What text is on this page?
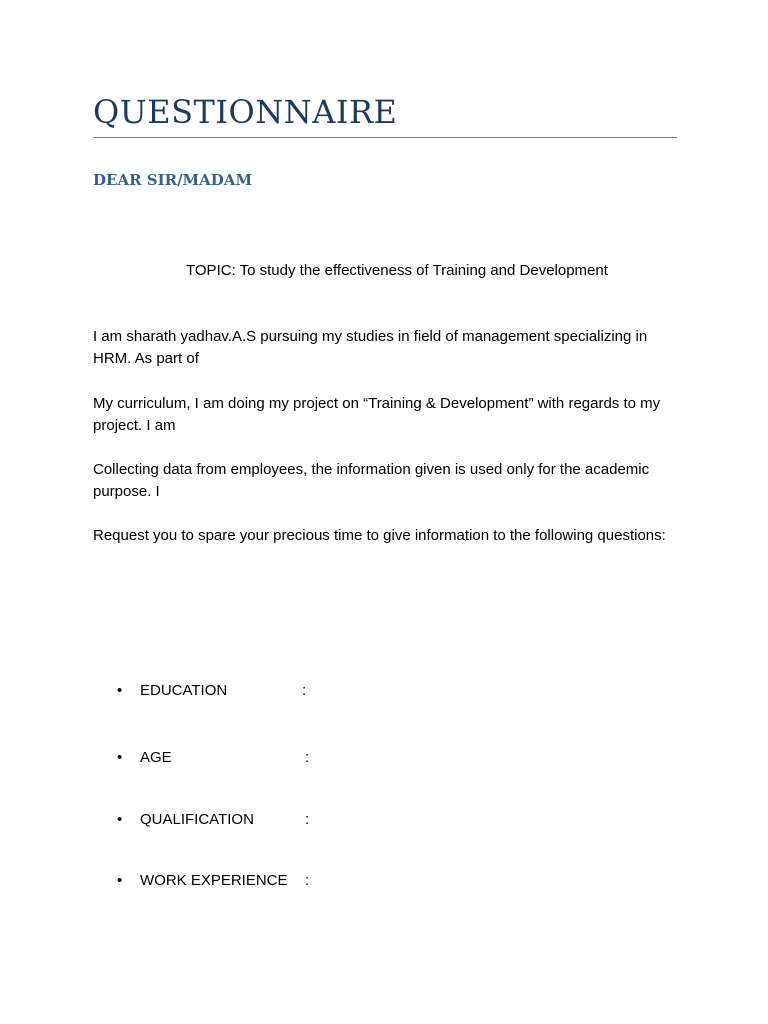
QUESTIONNAIRE
DEAR SIR/MADAM
TOPIC: To study the effectiveness of Training and Development
I am sharath yadhav.A.S pursuing my studies in field of management specializing in HRM. As part of
My curriculum, I am doing my project on “Training & Development” with regards to my project. I am
Collecting data from employees, the information given is used only for the academic purpose. I
Request you to spare your precious time to give information to the following questions:
•	EDUCATION	:
•	AGE	:
•	QUALIFICATION	:
•	WORK EXPERIENCE :
